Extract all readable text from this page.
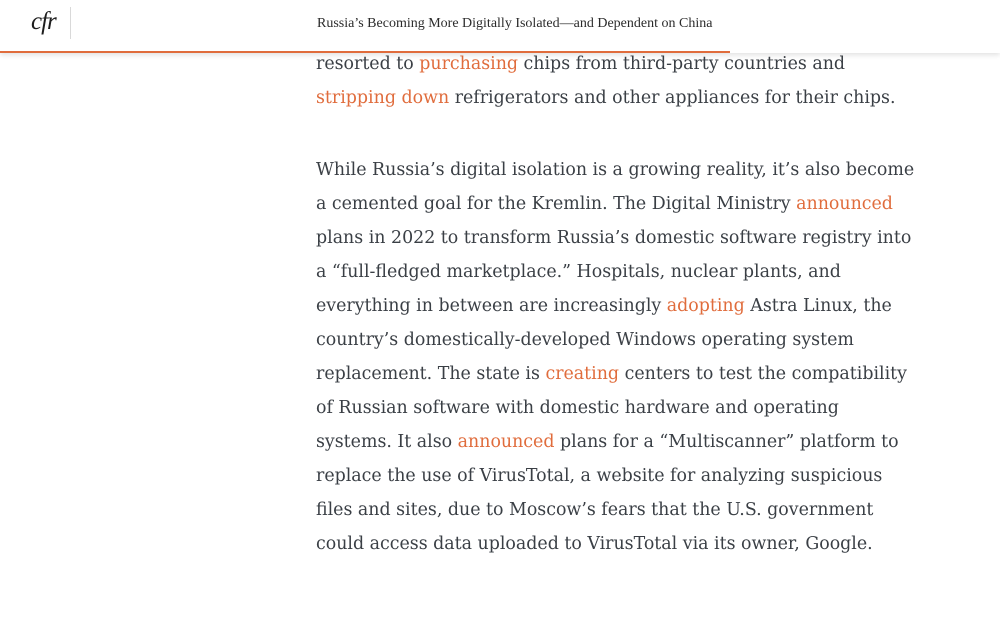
cfr	Russia’s Becoming More Digitally Isolated—and Dependent on China

resorted to purchasing chips from third-party countries and
stripping down refrigerators and other appliances for their chips.

While Russia’s digital isolation is a growing reality, it’s also become a cemented goal for the Kremlin. The Digital Ministry announced plans in 2022 to transform Russia’s domestic software registry into a “full-fledged marketplace.” Hospitals, nuclear plants, and everything in between are increasingly adopting Astra Linux, the country’s domestically-developed Windows operating system replacement. The state is creating centers to test the compatibility of Russian software with domestic hardware and operating systems. It also announced plans for a “Multiscanner” platform to replace the use of VirusTotal, a website for analyzing suspicious files and sites, due to Moscow’s fears that the U.S. government could access data uploaded to VirusTotal via its owner, Google.
